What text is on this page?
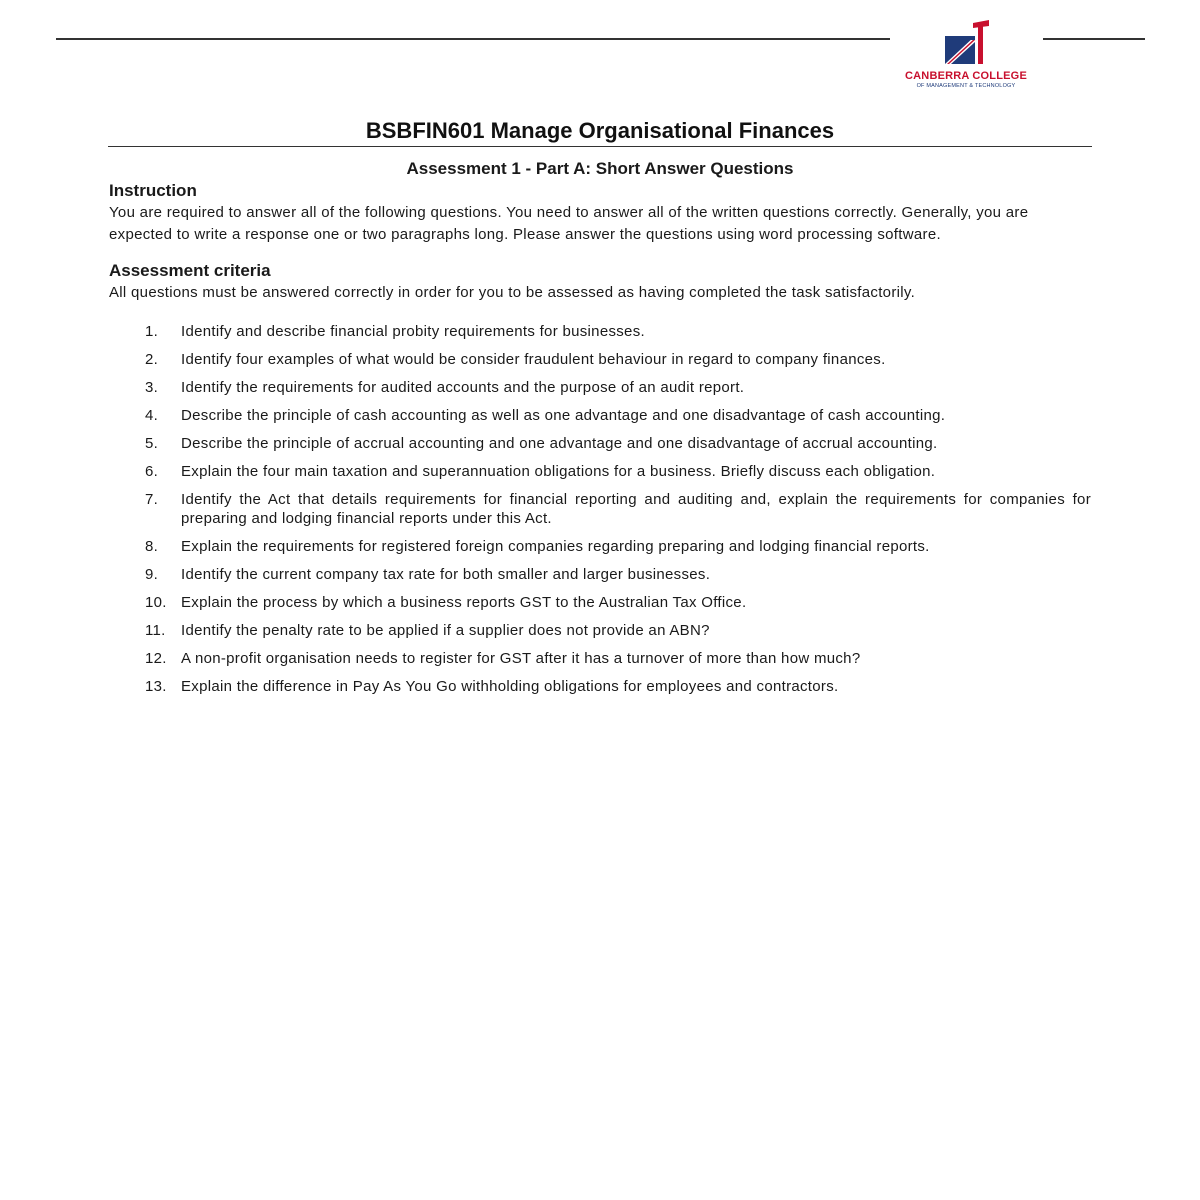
CANBERRA COLLEGE
OF MANAGEMENT & TECHNOLOGY
BSBFIN601 Manage Organisational Finances
Assessment 1 - Part A: Short Answer Questions
Instruction

You are required to answer all of the following questions. You need to answer all of the written questions correctly. Generally, you are expected to write a response one or two paragraphs long. Please answer the questions using word processing software.

Assessment criteria

All questions must be answered correctly in order for you to be assessed as having completed the task satisfactorily.

1. Identify and describe financial probity requirements for businesses.
2. Identify four examples of what would be consider fraudulent behaviour in regard to company finances.
3. Identify the requirements for audited accounts and the purpose of an audit report.
4. Describe the principle of cash accounting as well as one advantage and one disadvantage of cash accounting.
5. Describe the principle of accrual accounting and one advantage and one disadvantage of accrual accounting.
6. Explain the four main taxation and superannuation obligations for a business. Briefly discuss each obligation.
7. Identify the Act that details requirements for financial reporting and auditing and, explain the requirements for companies for preparing and lodging financial reports under this Act.
8. Explain the requirements for registered foreign companies regarding preparing and lodging financial reports.
9. Identify the current company tax rate for both smaller and larger businesses.
10. Explain the process by which a business reports GST to the Australian Tax Office.
11. Identify the penalty rate to be applied if a supplier does not provide an ABN?
12. A non-profit organisation needs to register for GST after it has a turnover of more than how much?
13. Explain the difference in Pay As You Go withholding obligations for employees and contractors.
